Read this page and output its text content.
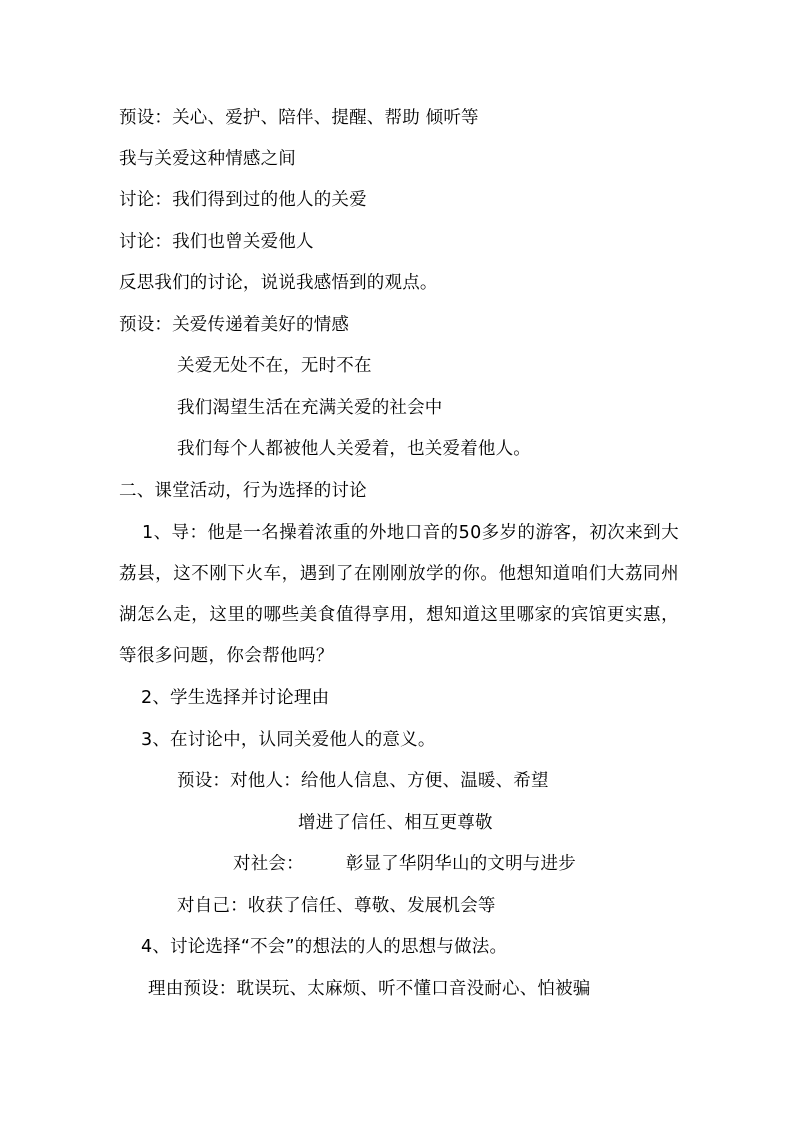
预设：关心、爱护、陪伴、提醒、帮助 倾听等
我与关爱这种情感之间
讨论：我们得到过的他人的关爱
讨论：我们也曾关爱他人
反思我们的讨论，说说我感悟到的观点。
预设：关爱传递着美好的情感
关爱无处不在，无时不在
我们渴望生活在充满关爱的社会中
我们每个人都被他人关爱着，也关爱着他人。
二、课堂活动，行为选择的讨论
1、导：他是一名操着浓重的外地口音的50多岁的游客，初次来到大荔县，这不刚下火车，遇到了在刚刚放学的你。他想知道咱们大荔同州湖怎么走，这里的哪些美食值得享用，想知道这里哪家的宾馆更实惠，等很多问题，你会帮他吗？
2、学生选择并讨论理由
3、在讨论中，认同关爱他人的意义。
预设：对他人：给他人信息、方便、温暖、希望
增进了信任、相互更尊敬
对社会： 彰显了华阴华山的文明与进步
对自己：收获了信任、尊敬、发展机会等
4、讨论选择“不会”的想法的人的思想与做法。
理由预设：耽误玩、太麻烦、听不懂口音没耐心、怕被骗
